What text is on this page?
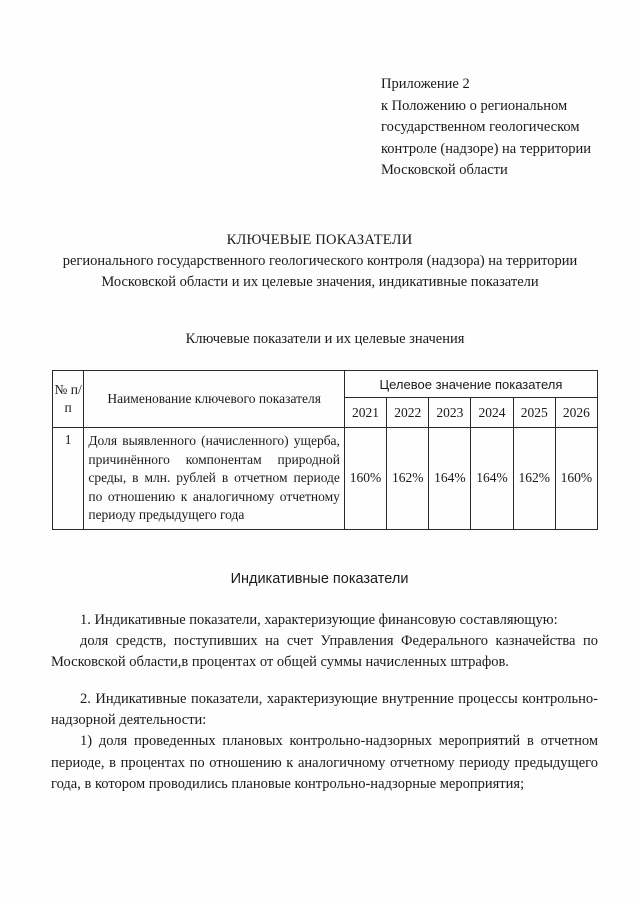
Приложение 2
к Положению о региональном
государственном геологическом
контроле (надзоре) на территории
Московской области
КЛЮЧЕВЫЕ ПОКАЗАТЕЛИ
регионального государственного геологического контроля (надзора) на территории
Московской области и их целевые значения, индикативные показатели
Ключевые показатели и их целевые значения
№ п/п	Наименование ключевого показателя	Целевое значение показателя					
		2021	2022	2023	2024	2025	2026
1	Доля выявленного (начисленного) ущерба, причинённого компонентам природной среды, в млн. рублей в отчетном периоде по отношению к аналогичному отчетному периоду предыдущего года	160%	162%	164%	164%	162%	160%
Индикативные показатели
1. Индикативные показатели, характеризующие финансовую составляющую:
доля средств, поступивших на счет Управления Федерального казначейства по Московской области,в процентах от общей суммы начисленных штрафов.
2. Индикативные показатели, характеризующие внутренние процессы контрольно-надзорной деятельности:
1) доля проведенных плановых контрольно-надзорных мероприятий в отчетном периоде, в процентах по отношению к аналогичному отчетному периоду предыдущего года, в котором проводились плановые контрольно-надзорные мероприятия;
